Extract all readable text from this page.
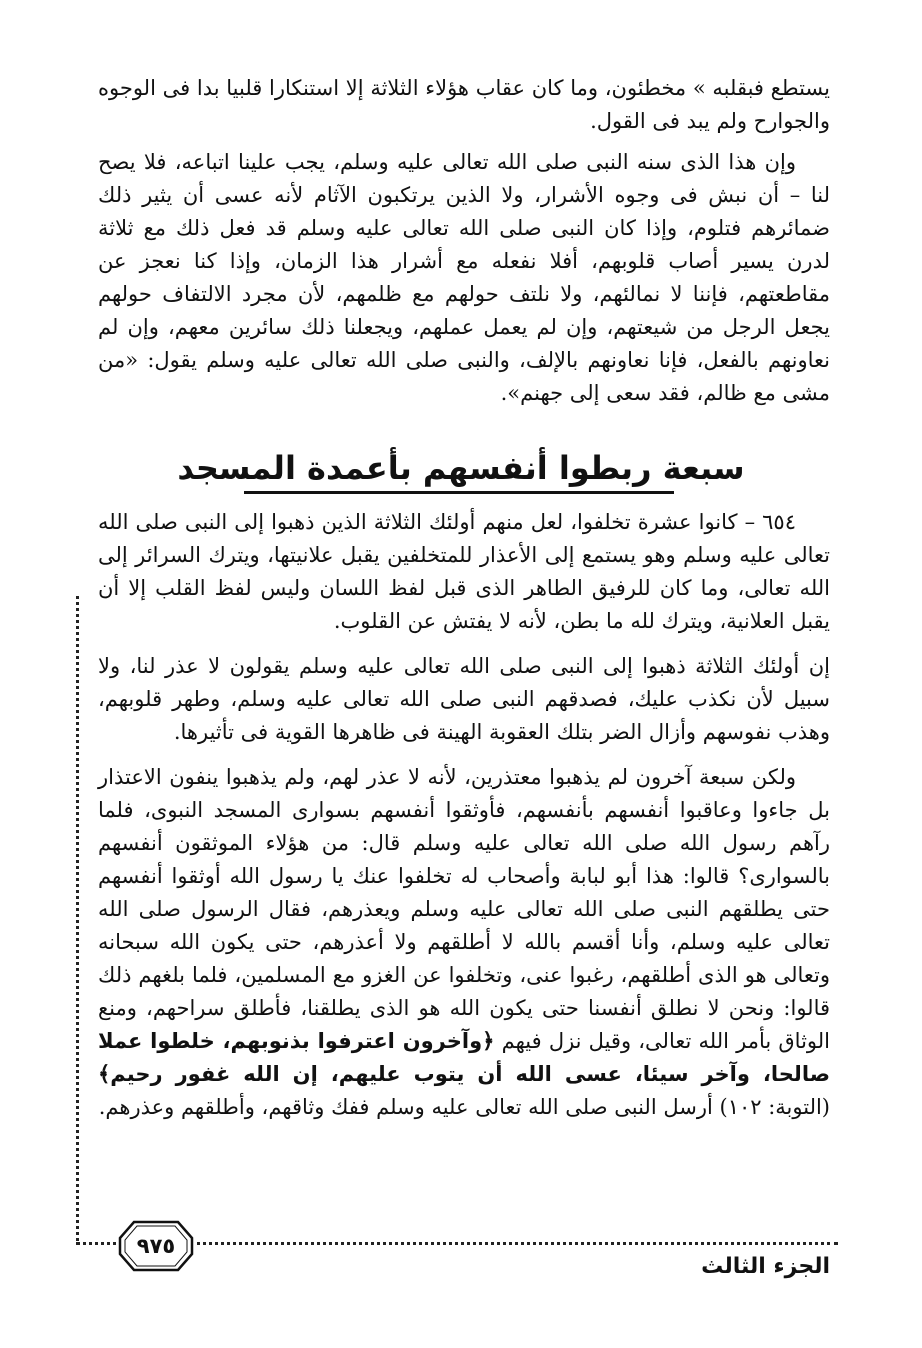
يستطع فبقلبه » مخطئون، وما كان عقاب هؤلاء الثلاثة إلا استنكارا قلبيا بدا فى الوجوه والجوارح ولم يبد فى القول.

وإن هذا الذى سنه النبى صلى الله تعالى عليه وسلم، يجب علينا اتباعه، فلا يصح لنا – أن نبش فى وجوه الأشرار، ولا الذين يرتكبون الآثام لأنه عسى أن يثير ذلك ضمائرهم فتلوم، وإذا كان النبى صلى الله تعالى عليه وسلم قد فعل ذلك مع ثلاثة لدرن يسير أصاب قلوبهم، أفلا نفعله مع أشرار هذا الزمان، وإذا كنا نعجز عن مقاطعتهم، فإننا لا نمالئهم، ولا نلتف حولهم مع ظلمهم، لأن مجرد الالتفاف حولهم يجعل الرجل من شيعتهم، وإن لم يعمل عملهم، ويجعلنا ذلك سائرين معهم، وإن لم نعاونهم بالفعل، فإنا نعاونهم بالإلف، والنبى صلى الله تعالى عليه وسلم يقول: «من مشى مع ظالم، فقد سعى إلى جهنم».

سبعة ربطوا أنفسهم بأعمدة المسجد

٦٥٤ – كانوا عشرة تخلفوا، لعل منهم أولئك الثلاثة الذين ذهبوا إلى النبى صلى الله تعالى عليه وسلم وهو يستمع إلى الأعذار للمتخلفين يقبل علانيتها، ويترك السرائر إلى الله تعالى، وما كان للرفيق الطاهر الذى قبل لفظ اللسان وليس لفظ القلب إلا أن يقبل العلانية، ويترك لله ما بطن، لأنه لا يفتش عن القلوب.

إن أولئك الثلاثة ذهبوا إلى النبى صلى الله تعالى عليه وسلم يقولون لا عذر لنا، ولا سبيل لأن نكذب عليك، فصدقهم النبى صلى الله تعالى عليه وسلم، وطهر قلوبهم، وهذب نفوسهم وأزال الضر بتلك العقوبة الهينة فى ظاهرها القوية فى تأثيرها.

ولكن سبعة آخرون لم يذهبوا معتذرين، لأنه لا عذر لهم، ولم يذهبوا ينفون الاعتذار بل جاءوا وعاقبوا أنفسهم بأنفسهم، فأوثقوا أنفسهم بسوارى المسجد النبوى، فلما رآهم رسول الله صلى الله تعالى عليه وسلم قال: من هؤلاء الموثقون أنفسهم بالسوارى؟ قالوا: هذا أبو لبابة وأصحاب له تخلفوا عنك يا رسول الله أوثقوا أنفسهم حتى يطلقهم النبى صلى الله تعالى عليه وسلم ويعذرهم، فقال الرسول صلى الله تعالى عليه وسلم، وأنا أقسم بالله لا أطلقهم ولا أعذرهم، حتى يكون الله سبحانه وتعالى هو الذى أطلقهم، رغبوا عنى، وتخلفوا عن الغزو مع المسلمين، فلما بلغهم ذلك قالوا: ونحن لا نطلق أنفسنا حتى يكون الله هو الذى يطلقنا، فأطلق سراحهم، ومنع الوثاق بأمر الله تعالى، وقيل نزل فيهم ﴿وآخرون اعترفوا بذنوبهم، خلطوا عملا صالحا، وآخر سيئا، عسى الله أن يتوب عليهم، إن الله غفور رحيم﴾ (التوبة: ١٠٢) أرسل النبى صلى الله تعالى عليه وسلم ففك وثاقهم، وأطلقهم وعذرهم.

٩٧٥
الجزء الثالث
